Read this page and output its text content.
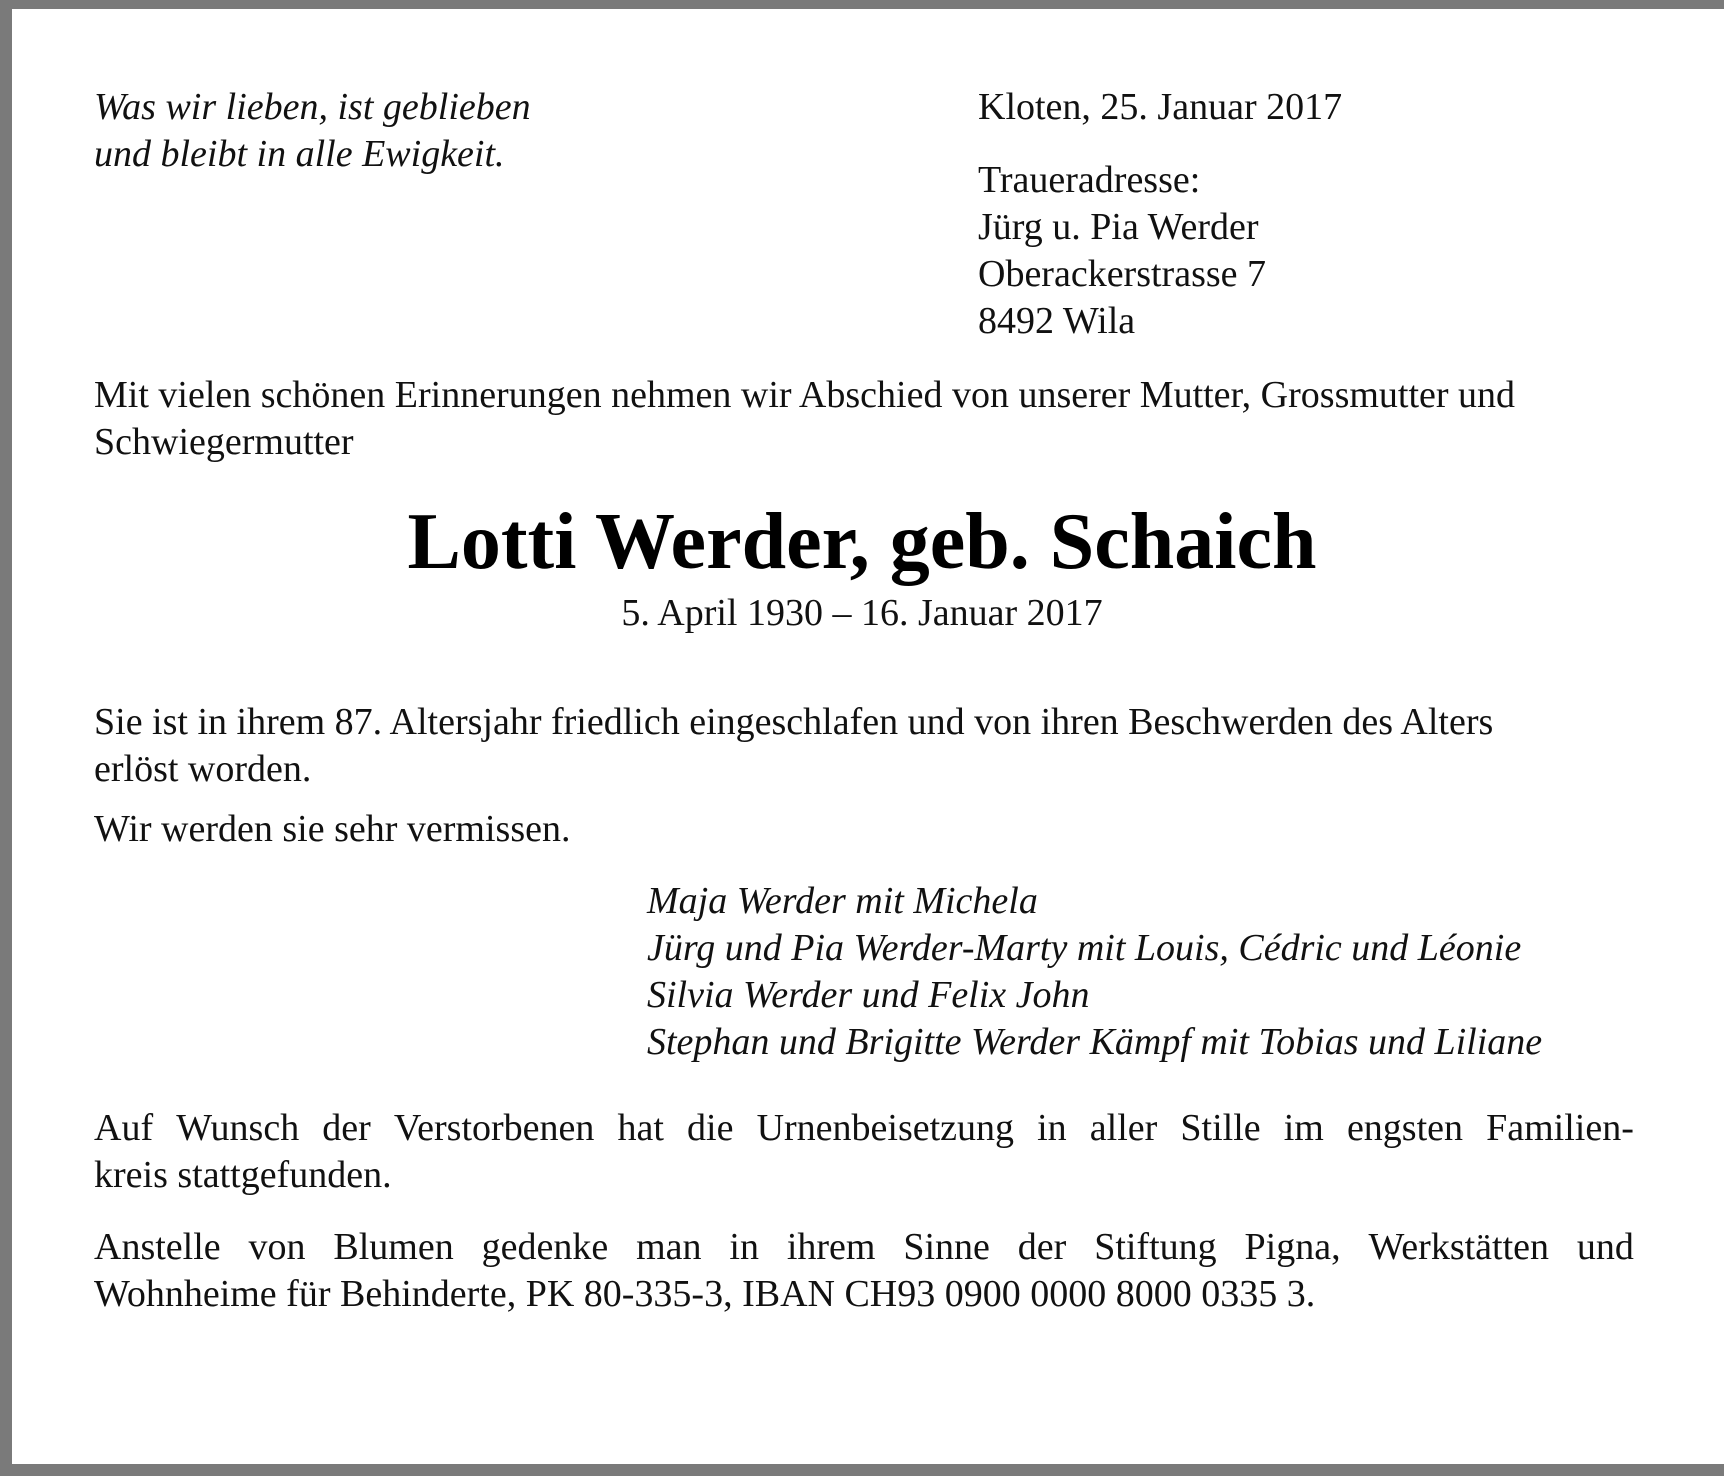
Was wir lieben, ist geblieben
und bleibt in alle Ewigkeit.
Kloten, 25. Januar 2017
Traueradresse:
Jürg u. Pia Werder
Oberackerstrasse 7
8492 Wila
Mit vielen schönen Erinnerungen nehmen wir Abschied von unserer Mutter, Grossmutter und
Schwiegermutter
Lotti Werder, geb. Schaich
5. April 1930 – 16. Januar 2017
Sie ist in ihrem 87. Altersjahr friedlich eingeschlafen und von ihren Beschwerden des Alters
erlöst worden.
Wir werden sie sehr vermissen.
Maja Werder mit Michela
Jürg und Pia Werder-Marty mit Louis, Cédric und Léonie
Silvia Werder und Felix John
Stephan und Brigitte Werder Kämpf mit Tobias und Liliane
Auf Wunsch der Verstorbenen hat die Urnenbeisetzung in aller Stille im engsten Familien-
kreis stattgefunden.
Anstelle von Blumen gedenke man in ihrem Sinne der Stiftung Pigna, Werkstätten und
Wohnheime für Behinderte, PK 80-335-3, IBAN CH93 0900 0000 8000 0335 3.
